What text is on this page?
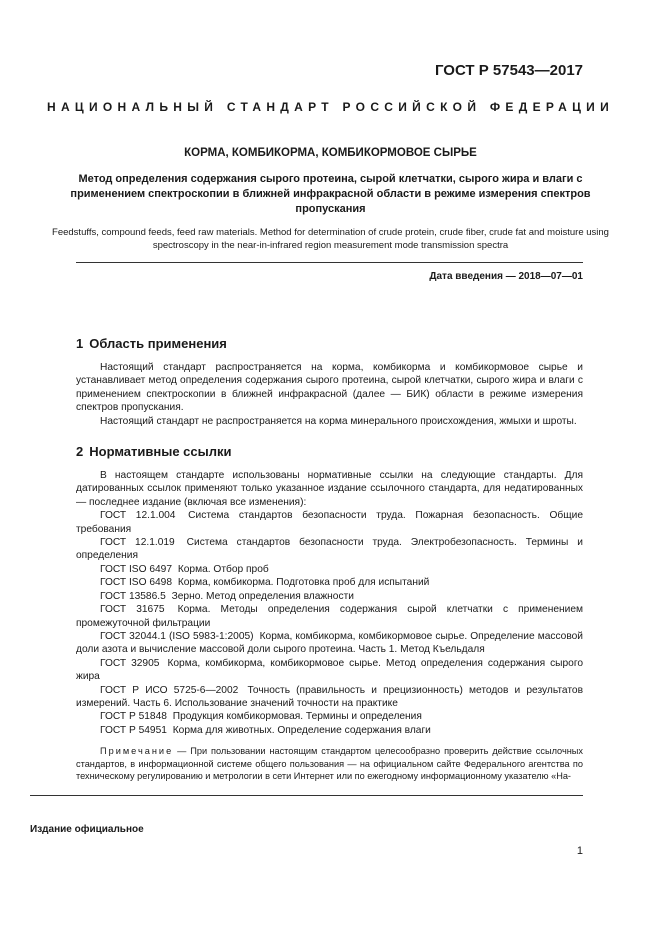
ГОСТ Р 57543—2017
НАЦИОНАЛЬНЫЙ СТАНДАРТ РОССИЙСКОЙ ФЕДЕРАЦИИ
КОРМА, КОМБИКОРМА, КОМБИКОРМОВОЕ СЫРЬЕ
Метод определения содержания сырого протеина, сырой клетчатки, сырого жира и влаги с применением спектроскопии в ближней инфракрасной области в режиме измерения спектров пропускания
Feedstuffs, compound feeds, feed raw materials. Method for determination of crude protein, crude fiber, crude fat and moisture using spectroscopy in the near-in-infrared region measurement mode transmission spectra
Дата введения — 2018—07—01
1 Область применения

Настоящий стандарт распространяется на корма, комбикорма и комбикормовое сырье и устанавливает метод определения содержания сырого протеина, сырой клетчатки, сырого жира и влаги с применением спектроскопии в ближней инфракрасной (далее — БИК) области в режиме измерения спектров пропускания.

Настоящий стандарт не распространяется на корма минерального происхождения, жмыхи и шроты.

2 Нормативные ссылки

В настоящем стандарте использованы нормативные ссылки на следующие стандарты. Для датированных ссылок применяют только указанное издание ссылочного стандарта, для недатированных — последнее издание (включая все изменения):

ГОСТ 12.1.004 Система стандартов безопасности труда. Пожарная безопасность. Общие требования
ГОСТ 12.1.019 Система стандартов безопасности труда. Электробезопасность. Термины и определения
ГОСТ ISO 6497 Корма. Отбор проб
ГОСТ ISO 6498 Корма, комбикорма. Подготовка проб для испытаний
ГОСТ 13586.5 Зерно. Метод определения влажности
ГОСТ 31675 Корма. Методы определения содержания сырой клетчатки с применением промежуточной фильтрации
ГОСТ 32044.1 (ISO 5983-1:2005) Корма, комбикорма, комбикормовое сырье. Определение массовой доли азота и вычисление массовой доли сырого протеина. Часть 1. Метод Къельдаля
ГОСТ 32905 Корма, комбикорма, комбикормовое сырье. Метод определения содержания сырого жира
ГОСТ Р ИСО 5725-6—2002 Точность (правильность и прецизионность) методов и результатов измерений. Часть 6. Использование значений точности на практике
ГОСТ Р 51848 Продукция комбикормовая. Термины и определения
ГОСТ Р 54951 Корма для животных. Определение содержания влаги
Примечание — При пользовании настоящим стандартом целесообразно проверить действие ссылочных стандартов, в информационной системе общего пользования — на официальном сайте Федерального агентства по техническому регулированию и метрологии в сети Интернет или по ежегодному информационному указателю «На-
Издание официальное
1
